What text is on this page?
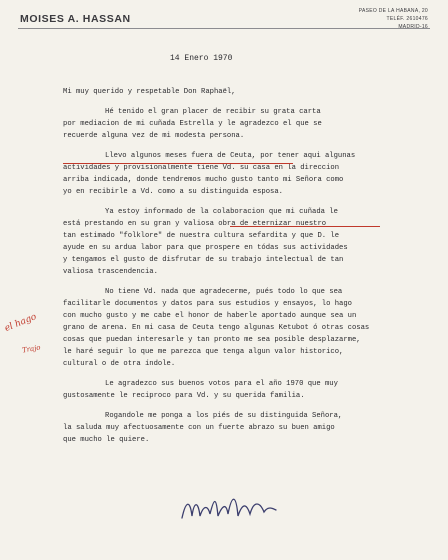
MOISES A. HASSAN
PASEO DE LA HABANA, 20
TELÉF. 2610476
MADRID-16
14 Enero 1970

Mi muy querido y respetable Don Raphaël,

Hé tenido el gran placer de recibir su grata carta
por mediacion de mi cuñada Estrella y le agradezco el que se
recuerde alguna vez de mi modesta persona.

Llevo algunos meses fuera de Ceuta, por tener aqui algunas
actividades y provisionalmente tiene Vd. su casa en la direccion
arriba indicada, donde tendremos mucho gusto tanto mi Señora como
yo en recibirle a Vd. como a su distinguida esposa.

Ya estoy informado de la colaboracion que mi cuñada le
está prestando en su gran y valiosa obra de eternizar nuestro
tan estimado "folklore" de nuestra cultura sefardita y que D. le
ayude en su ardua labor para que prospere en tódas sus actividades
y tengamos el gusto de disfrutar de su trabajo intelectual de tan
valiosa trascendencia.

No tiene Vd. nada que agradecerme, pués todo lo que sea
facilitarle documentos y datos para sus estudios y ensayos, lo hago
con mucho gusto y me cabe el honor de haberle aportado aunque sea un
grano de arena. En mi casa de Ceuta tengo algunas Ketubot ó otras cosas
cosas que puedan interesarle y tan pronto me sea posible desplazarme,
le haré seguir lo que me parezca que tenga algun valor historico,
cultural o de otra índole.

Le agradezco sus buenos votos para el año 1970 que muy
gustosamente le reciproco para Vd. y su querida familia.

Rogandole me ponga a los piés de su distinguida Señora,
la saluda muy afectuosamente con un fuerte abrazo su buen amigo
que mucho le quiere.

el hago
Trajo
